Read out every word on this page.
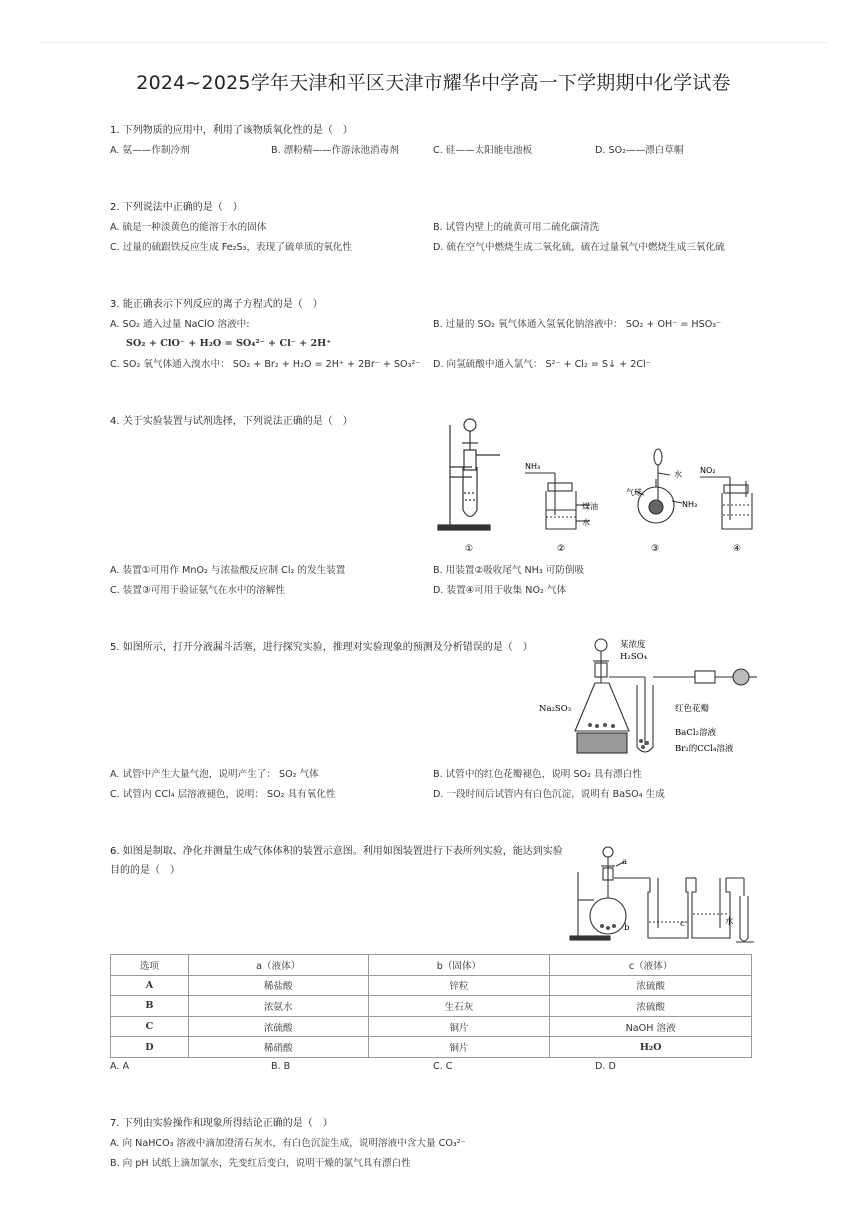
2024~2025学年天津和平区天津市耀华中学高一下学期期中化学试卷
1. 下列物质的应用中，利用了该物质氧化性的是（　）
A. 氨——作制冷剂	B. 漂粉精——作游泳池消毒剂	C. 硅——太阳能电池板	D. SO₂——漂白草帽
2. 下列说法中正确的是（　）
A. 硫是一种淡黄色的能溶于水的固体	B. 试管内壁上的硫黄可用二硫化碳清洗
C. 过量的硫跟铁反应生成 Fe₂S₃，表现了硫单质的氧化性	D. 硫在空气中燃烧生成二氧化硫，硫在过量氧气中燃烧生成三氧化硫
3. 能正确表示下列反应的离子方程式的是（　）
A. SO₂ 通入过量 NaClO 溶液中:
SO₂ + ClO⁻ + H₂O = SO₄²⁻ + Cl⁻ + 2H⁺
B. 过量的 SO₂ 氧气体通入氢氧化钠溶液中： SO₂ + OH⁻ = HSO₃⁻
C. SO₂ 氧气体通入溴水中： SO₂ + Br₂ + H₂O = 2H⁺ + 2Br⁻ + SO₃²⁻ D. 向氢硫酸中通入氯气： S²⁻ + Cl₂ = S↓ + 2Cl⁻
4. 关于实验装置与试剂选择，下列说法正确的是（　）
NH₃
煤油
水
水
气球
NH₃
NO₂
①	②	③	④
A. 装置①可用作 MnO₂ 与浓盐酸反应制 Cl₂ 的发生装置	B. 用装置②吸收尾气 NH₃ 可防倒吸
C. 装置③可用于验证氨气在水中的溶解性	D. 装置④可用于收集 NO₂ 气体
5. 如图所示，打开分液漏斗活塞，进行探究实验，推理对实验现象的预测及分析错误的是（　）	某浓度
H₂SO₄
Na₂SO₃	红色花瓣
BaCl₂溶液
Br₂的CCl₄溶液
A. 试管中产生大量气泡，说明产生了： SO₂ 气体	B. 试管中的红色花瓣褪色，说明 SO₂ 具有漂白性
C. 试管内 CCl₄ 层溶液褪色，说明： SO₂ 具有氧化性	D. 一段时间后试管内有白色沉淀，说明有 BaSO₄ 生成
6. 如图是制取、净化并测量生成气体体积的装置示意图。利用如图装置进行下表所列实验，能达到实验
目的的是（　）
a
b	c	水
选项	a（液体）	b（固体）	c（液体）
A	稀盐酸	锌粒	浓硫酸
B	浓氨水	生石灰	浓硫酸
C	浓硫酸	铜片	NaOH 溶液
D	稀硝酸	铜片	H₂O
A. A	B. B	C. C	D. D
7. 下列由实验操作和现象所得结论正确的是（　）
A. 向 NaHCO₃ 溶液中滴加澄清石灰水，有白色沉淀生成，说明溶液中含大量 CO₃²⁻
B. 向 pH 试纸上滴加氯水，先变红后变白，说明干燥的氯气具有漂白性
